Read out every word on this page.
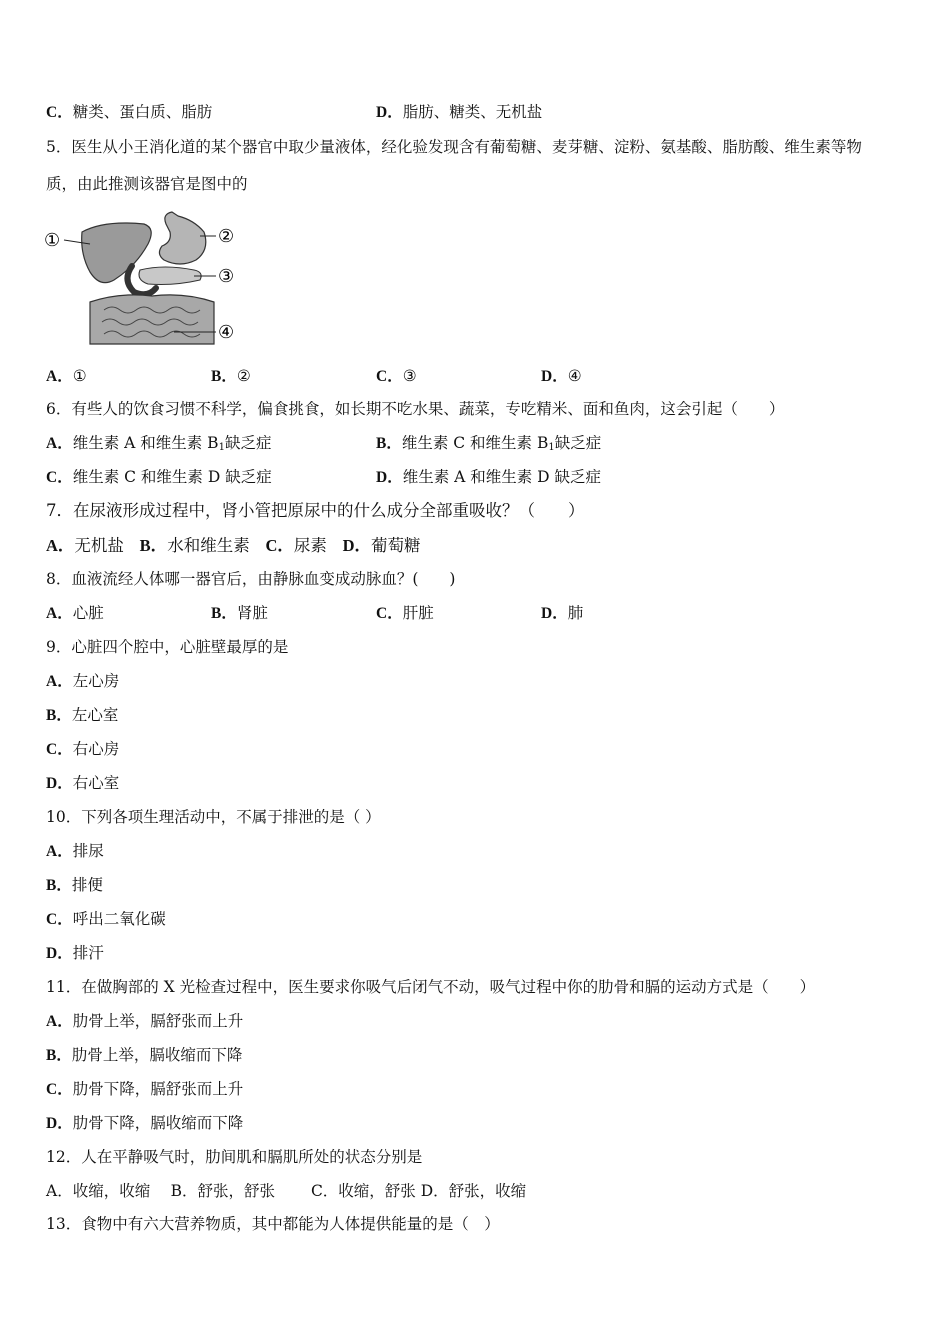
C．糖类、蛋白质、脂肪	D．脂肪、糖类、无机盐
5．医生从小王消化道的某个器官中取少量液体，经化验发现含有葡萄糖、麦芽糖、淀粉、氨基酸、脂肪酸、维生素等物
质，由此推测该器官是图中的
①	②
③
④
A．①	B．②	C．③	D．④
6．有些人的饮食习惯不科学，偏食挑食，如长期不吃水果、蔬菜，专吃精米、面和鱼肉，这会引起（　　）
A．维生素 A 和维生素 $B_1$缺乏症	B．维生素 C 和维生素 $B_1$缺乏症
C．维生素 C 和维生素 D 缺乏症	D．维生素 A 和维生素 D 缺乏症
7．在尿液形成过程中，肾小管把原尿中的什么成分全部重吸收？（　　）
A．无机盐 B．水和维生素 C．尿素 D．葡萄糖
8．血液流经人体哪一器官后，由静脉血变成动脉血？(　　)
A．心脏	B．肾脏	C．肝脏	D．肺
9．心脏四个腔中，心脏壁最厚的是
A．左心房
B．左心室
C．右心房
D．右心室
10．下列各项生理活动中，不属于排泄的是（ ）
A．排尿
B．排便
C．呼出二氧化碳
D．排汗
11．在做胸部的 X 光检查过程中，医生要求你吸气后闭气不动，吸气过程中你的肋骨和膈的运动方式是（　　）
A．肋骨上举，膈舒张而上升
B．肋骨上举，膈收缩而下降
C．肋骨下降，膈舒张而上升
D．肋骨下降，膈收缩而下降
12．人在平静吸气时，肋间肌和膈肌所处的状态分别是
A．收缩，收缩　 B．舒张，舒张　　 C．收缩，舒张 D．舒张，收缩
13．食物中有六大营养物质，其中都能为人体提供能量的是（　）
